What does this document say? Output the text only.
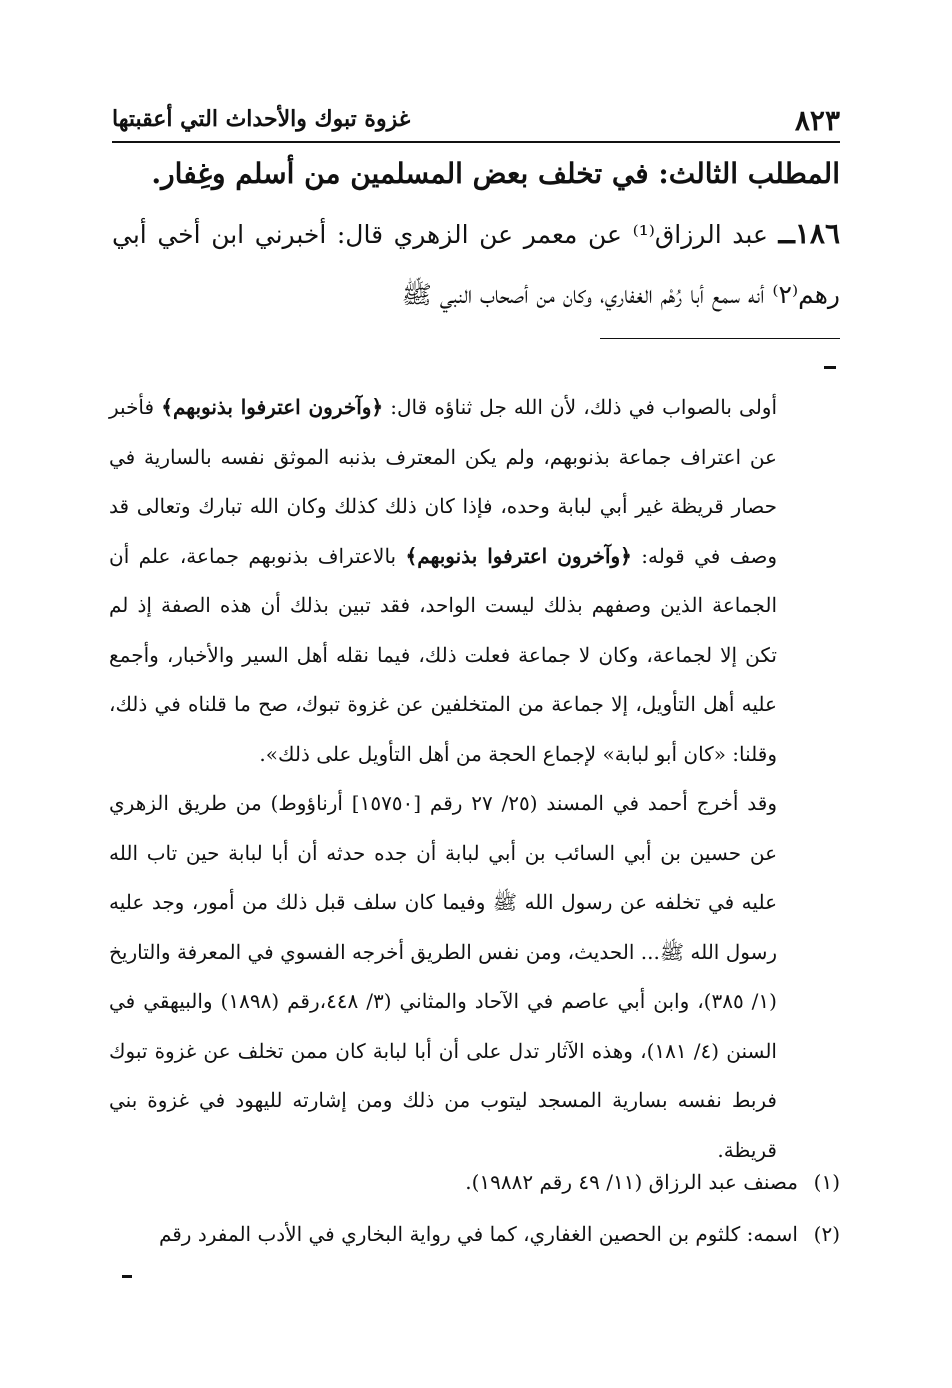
٨٢٣
غزوة تبوك والأحداث التي أعقبتها
المطلب الثالث: في تخلف بعض المسلمين من أسلم وغِفار.
١٨٦ــ عبد الرزاق⁽¹⁾ عن معمر عن الزهري قال: أخبرني ابن أخي أبي رهم⁽٢⁾ أنه سمع أبا رُهْم الغفاري، وكان من أصحاب النبي ﷺ

أولى بالصواب في ذلك، لأن الله جل ثناؤه قال: ﴿وآخرون اعترفوا بذنوبهم﴾ فأخبر عن اعتراف جماعة بذنوبهم، ولم يكن المعترف بذنبه الموثق نفسه بالسارية في حصار قريظة غير أبي لبابة وحده، فإذا كان ذلك كذلك وكان الله تبارك وتعالى قد وصف في قوله: ﴿وآخرون اعترفوا بذنوبهم﴾ بالاعتراف بذنوبهم جماعة، علم أن الجماعة الذين وصفهم بذلك ليست الواحد، فقد تبين بذلك أن هذه الصفة إذ لم تكن إلا لجماعة، وكان لا جماعة فعلت ذلك، فيما نقله أهل السير والأخبار، وأجمع عليه أهل التأويل، إلا جماعة من المتخلفين عن غزوة تبوك، صح ما قلناه في ذلك، وقلنا: «كان أبو لبابة» لإجماع الحجة من أهل التأويل على ذلك».

وقد أخرج أحمد في المسند (٢٥/ ٢٧ رقم [١٥٧٥٠] أرناؤوط) من طريق الزهري عن حسين بن أبي السائب بن أبي لبابة أن جده حدثه أن أبا لبابة حين تاب الله عليه في تخلفه عن رسول الله ﷺ وفيما كان سلف قبل ذلك من أمور، وجد عليه رسول الله ﷺ... الحديث، ومن نفس الطريق أخرجه الفسوي في المعرفة والتاريخ (١/ ٣٨٥)، وابن أبي عاصم في الآحاد والمثاني (٣/ ٤٤٨،رقم (١٨٩٨) والبيهقي في السنن (٤/ ١٨١)، وهذه الآثار تدل على أن أبا لبابة كان ممن تخلف عن غزوة تبوك فربط نفسه بسارية المسجد ليتوب من ذلك ومن إشارته لليهود في غزوة بني قريظة.

(١)مصنف عبد الرزاق (١١/ ٤٩ رقم ١٩٨٨٢).
(٢)اسمه: كلثوم بن الحصين الغفاري، كما في رواية البخاري في الأدب المفرد رقم
